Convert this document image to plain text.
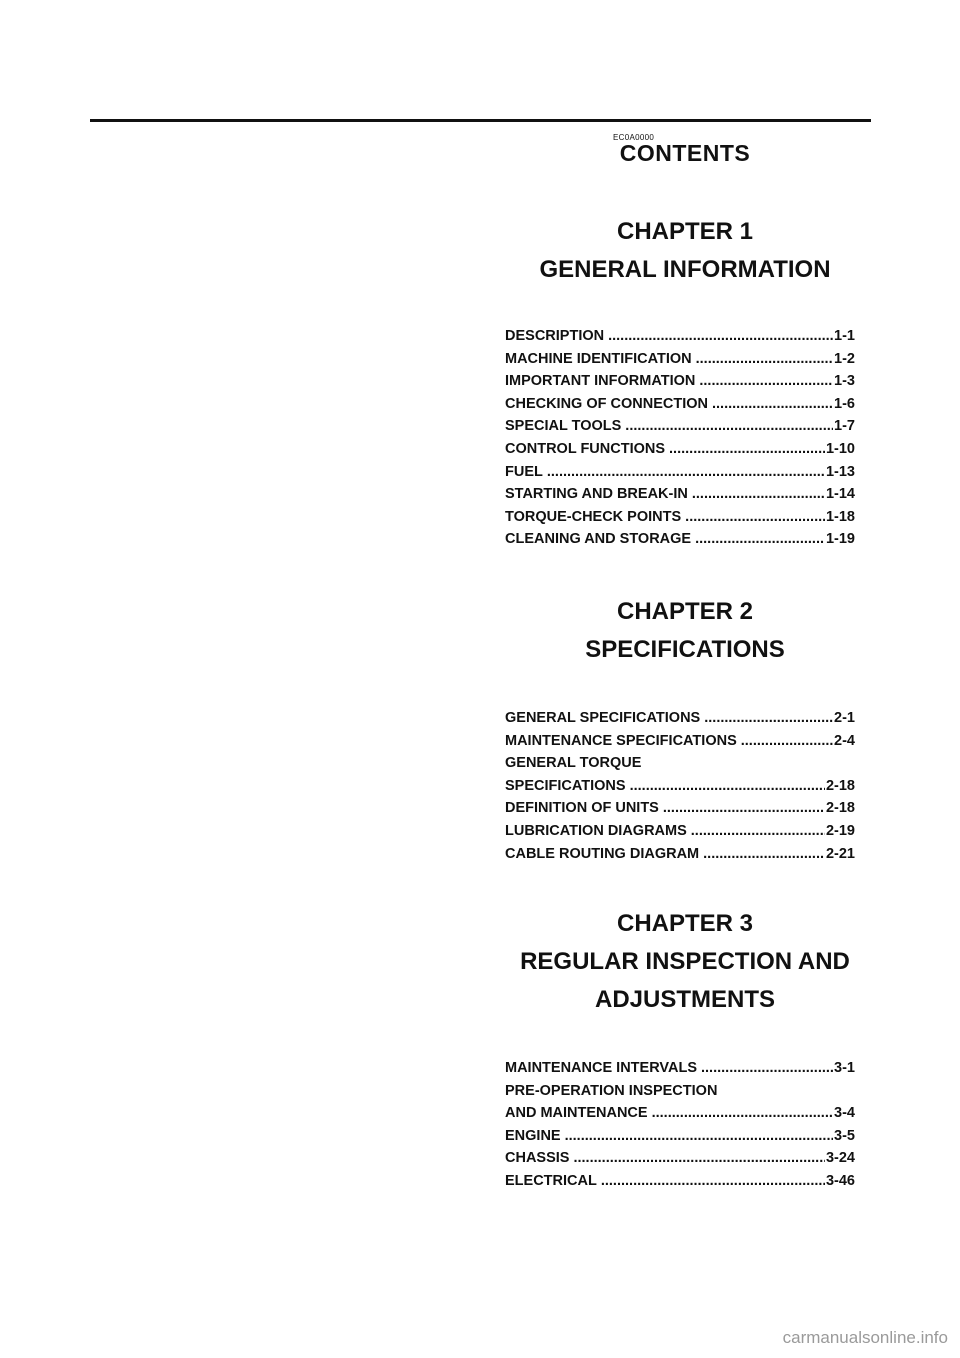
EC0A0000
CONTENTS
CHAPTER 1
GENERAL INFORMATION
DESCRIPTION .....	1-1
MACHINE IDENTIFICATION .....	1-2
IMPORTANT INFORMATION .....	1-3
CHECKING OF CONNECTION .....	1-6
SPECIAL TOOLS .....	1-7
CONTROL FUNCTIONS .....	1-10
FUEL .....	1-13
STARTING AND BREAK-IN .....	1-14
TORQUE-CHECK POINTS .....	1-18
CLEANING AND STORAGE .....	1-19
CHAPTER 2
SPECIFICATIONS
GENERAL SPECIFICATIONS .....	2-1
MAINTENANCE SPECIFICATIONS .....	2-4
GENERAL TORQUE
SPECIFICATIONS .....	2-18
DEFINITION OF UNITS .....	2-18
LUBRICATION DIAGRAMS .....	2-19
CABLE ROUTING DIAGRAM .....	2-21
CHAPTER 3
REGULAR INSPECTION AND
ADJUSTMENTS
MAINTENANCE INTERVALS .....	3-1
PRE-OPERATION INSPECTION
AND MAINTENANCE .....	3-4
ENGINE .....	3-5
CHASSIS .....	3-24
ELECTRICAL .....	3-46
carmanualsonline.info
